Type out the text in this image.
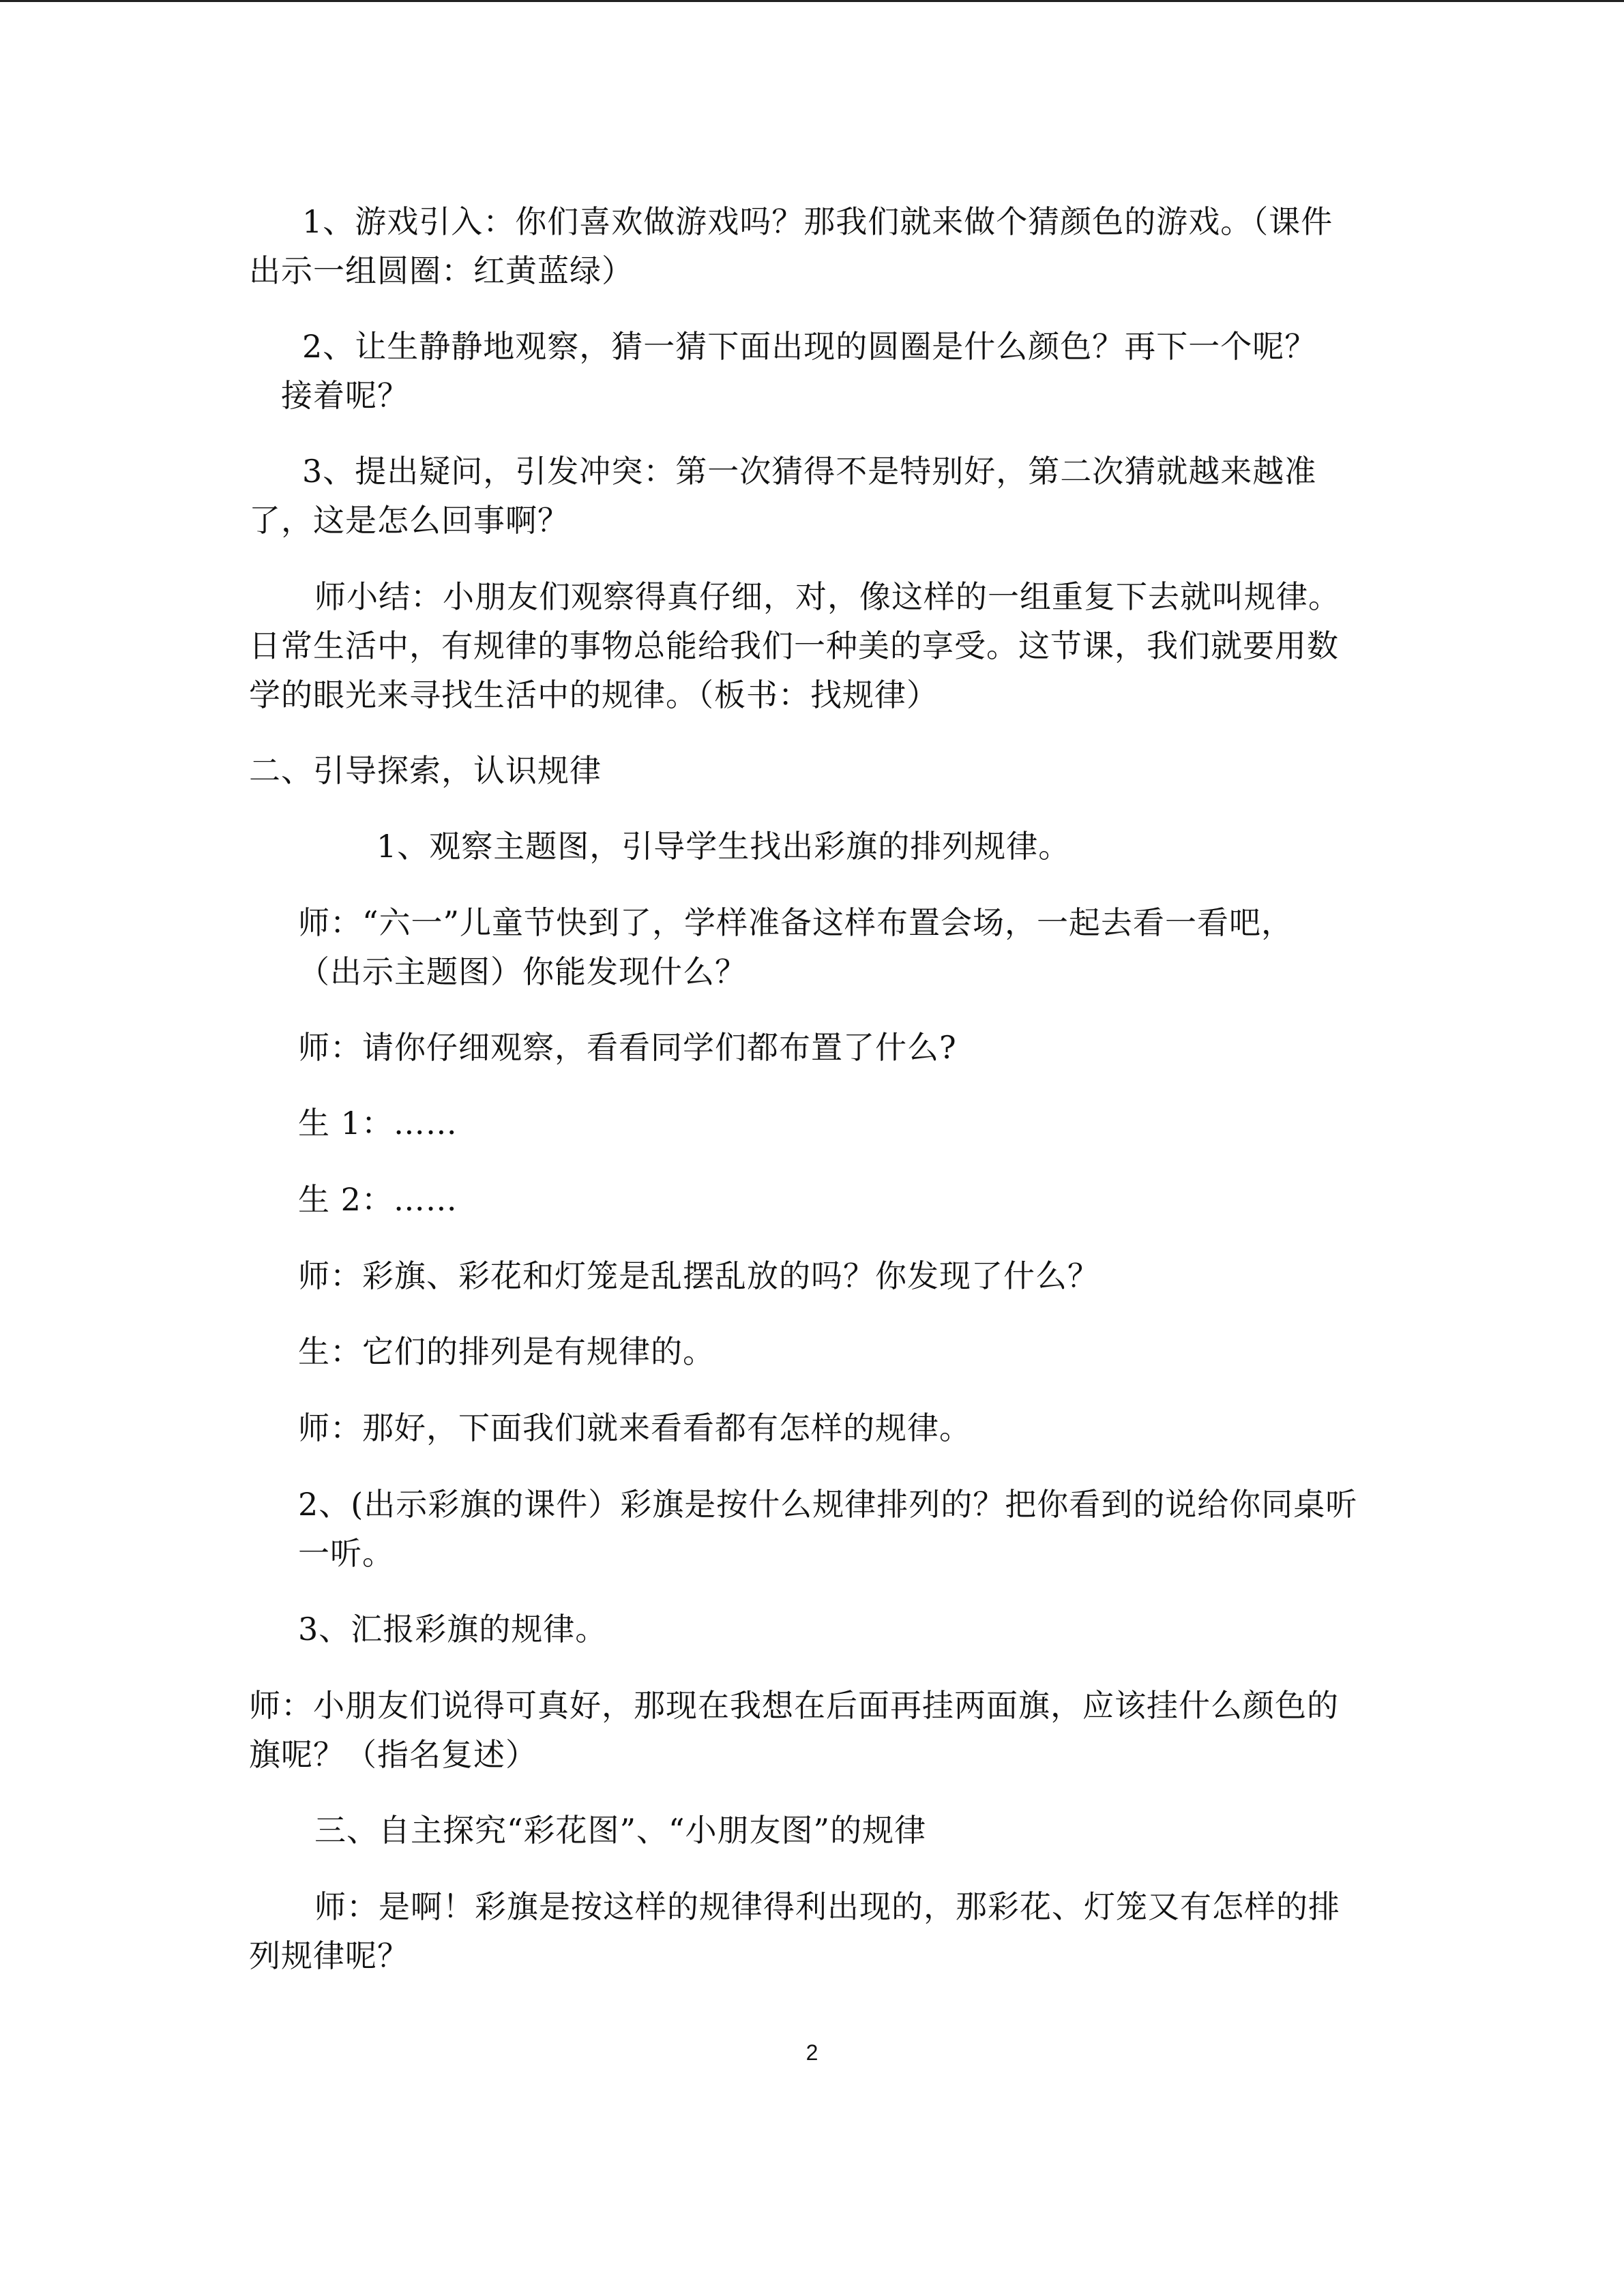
1、游戏引入：你们喜欢做游戏吗？那我们就来做个猜颜色的游戏。（课件
出示一组圆圈：红黄蓝绿）
2、让生静静地观察，猜一猜下面出现的圆圈是什么颜色？再下一个呢？
接着呢？
3、提出疑问，引发冲突：第一次猜得不是特别好，第二次猜就越来越准
了，这是怎么回事啊？
师小结：小朋友们观察得真仔细，对，像这样的一组重复下去就叫规律。
日常生活中，有规律的事物总能给我们一种美的享受。这节课，我们就要用数
学的眼光来寻找生活中的规律。（板书：找规律）
二、引导探索，认识规律
1、观察主题图，引导学生找出彩旗的排列规律。
师：“六一”儿童节快到了，学样准备这样布置会场，一起去看一看吧，
（出示主题图）你能发现什么？
师：请你仔细观察，看看同学们都布置了什么?
生 1：……
生 2：……
师：彩旗、彩花和灯笼是乱摆乱放的吗？你发现了什么？
生：它们的排列是有规律的。
师：那好，下面我们就来看看都有怎样的规律。
2、(出示彩旗的课件）彩旗是按什么规律排列的？把你看到的说给你同桌听
一听。
3、汇报彩旗的规律。
师：小朋友们说得可真好，那现在我想在后面再挂两面旗，应该挂什么颜色的
旗呢？（指名复述）
三、自主探究“彩花图”、“小朋友图”的规律
师：是啊！彩旗是按这样的规律得利出现的，那彩花、灯笼又有怎样的排
列规律呢？
2
